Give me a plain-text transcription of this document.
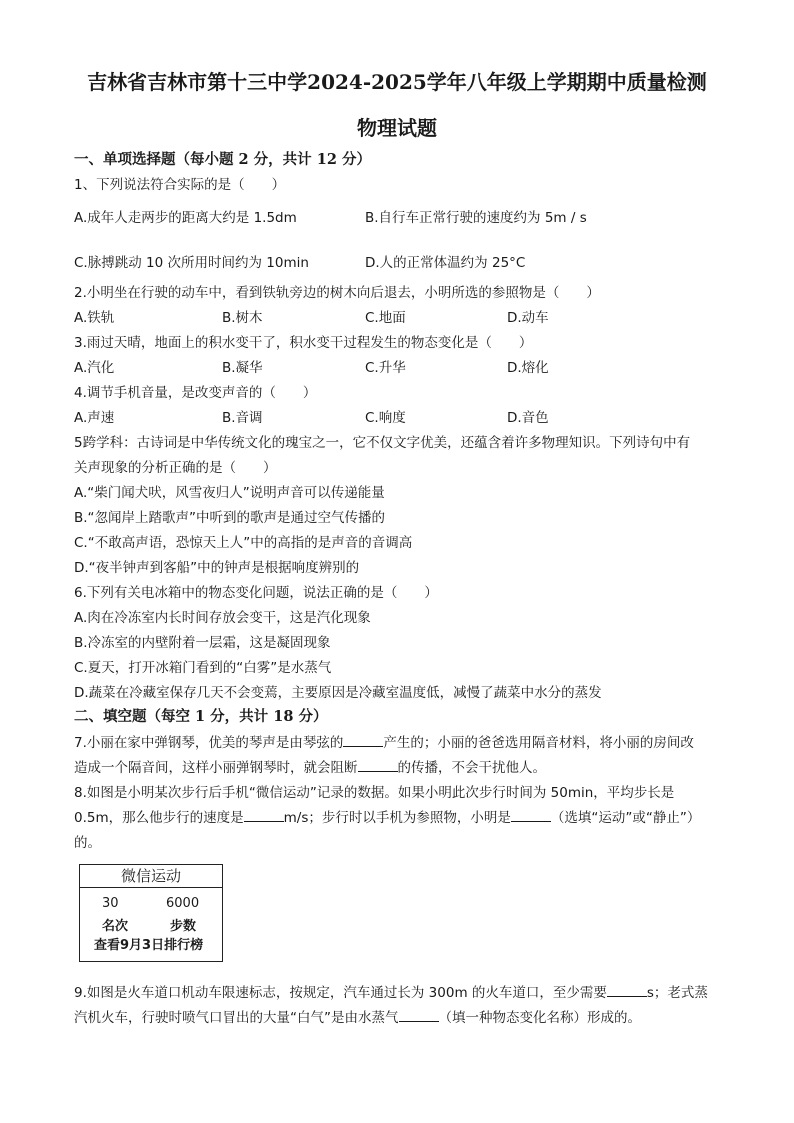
吉林省吉林市第十三中学2024-2025学年八年级上学期期中质量检测
物理试题
一、单项选择题（每小题 2 分，共计 12 分）
1、下列说法符合实际的是（　　）
A.成年人走两步的距离大约是 1.5dm	B.自行车正常行驶的速度约为 5m / s
C.脉搏跳动 10 次所用时间约为 10min	D.人的正常体温约为 25°C
2.小明坐在行驶的动车中，看到铁轨旁边的树木向后退去，小明所选的参照物是（　　）
A.铁轨	B.树木	C.地面	D.动车
3.雨过天晴，地面上的积水变干了，积水变干过程发生的物态变化是（　　）
A.汽化	B.凝华	C.升华	D.熔化
4.调节手机音量，是改变声音的（　　）
A.声速	B.音调	C.响度	D.音色
5跨学科：古诗词是中华传统文化的瑰宝之一，它不仅文字优美，还蕴含着许多物理知识。下列诗句中有
关声现象的分析正确的是（　　）
A.“柴门闻犬吠，风雪夜归人”说明声音可以传递能量
B.“忽闻岸上踏歌声”中听到的歌声是通过空气传播的
C.“不敢高声语，恐惊天上人”中的高指的是声音的音调高
D.“夜半钟声到客船”中的钟声是根据响度辨别的
6.下列有关电冰箱中的物态变化问题，说法正确的是（　　）
A.肉在冷冻室内长时间存放会变干，这是汽化现象
B.冷冻室的内壁附着一层霜，这是凝固现象
C.夏天，打开冰箱门看到的“白雾”是水蒸气
D.蔬菜在冷藏室保存几天不会变蔫，主要原因是冷藏室温度低，减慢了蔬菜中水分的蒸发
二、填空题（每空 1 分，共计 18 分）
7.小丽在家中弹钢琴，优美的琴声是由琴弦的	产生的；小丽的爸爸选用隔音材料，将小丽的房间改
造成一个隔音间，这样小丽弹钢琴时，就会阻断	的传播，不会干扰他人。
8.如图是小明某次步行后手机“微信运动”记录的数据。如果小明此次步行时间为 50min，平均步长是
0.5m，那么他步行的速度是	m/s；步行时以手机为参照物，小明是	（选填“运动”或“静止”）
的。
微信运动
30	6000
名次	步数
查看9月3日排行榜
9.如图是火车道口机动车限速标志，按规定，汽车通过长为 300m 的火车道口，至少需要	s；老式蒸
汽机火车，行驶时喷气口冒出的大量“白气”是由水蒸气	（填一种物态变化名称）形成的。
